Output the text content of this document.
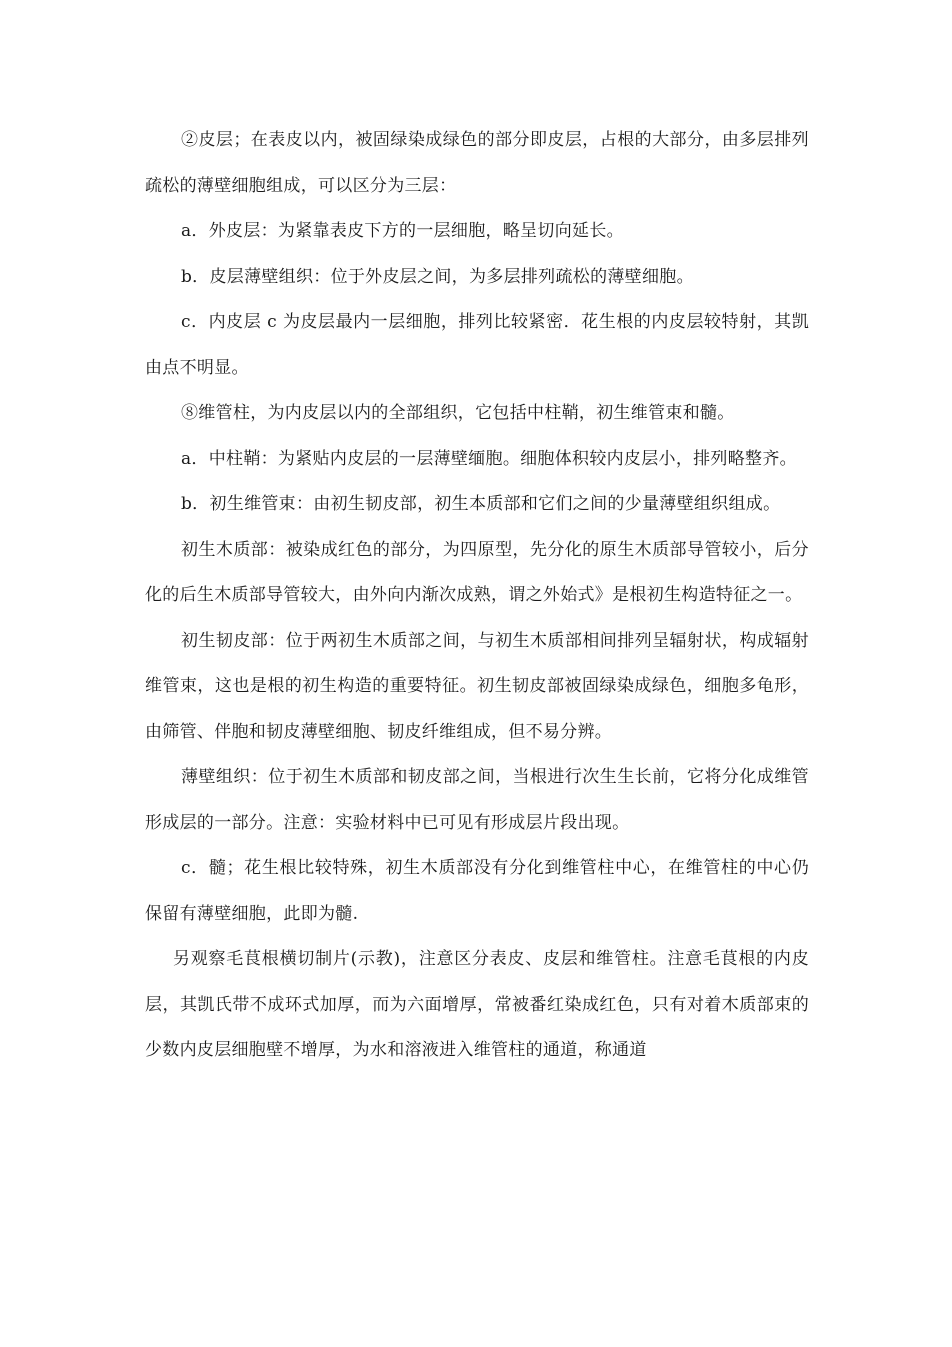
②皮层；在表皮以内，被固绿染成绿色的部分即皮层，占根的大部分，由多层排列疏松的薄壁细胞组成，可以区分为三层：

a．外皮层：为紧靠表皮下方的一层细胞，略呈切向延长。

b．皮层薄壁组织：位于外皮层之间，为多层排列疏松的薄壁细胞。

c．内皮层 c 为皮层最内一层细胞，排列比较紧密．花生根的内皮层较特射，其凯由点不明显。

⑧维管柱，为内皮层以内的全部组织，它包括中柱鞘，初生维管束和髓。

a．中柱鞘：为紧贴内皮层的一层薄壁缅胞。细胞体积较内皮层小，排列略整齐。

b．初生维管束：由初生韧皮部，初生本质部和它们之间的少量薄壁组织组成。

初生木质部：被染成红色的部分，为四原型，先分化的原生木质部导管较小，后分化的后生木质部导管较大，由外向内渐次成熟，谓之外始式》是根初生构造特征之一。

初生韧皮部：位于两初生木质部之间，与初生木质部相间排列呈辐射状，构成辐射维管束，这也是根的初生构造的重要特征。初生韧皮部被固绿染成绿色，细胞多龟形，由筛管、伴胞和韧皮薄壁细胞、韧皮纤维组成，但不易分辨。

薄壁组织：位于初生木质部和韧皮部之间，当根进行次生生长前，它将分化成维管形成层的一部分。注意：实验材料中已可见有形成层片段出现。

c．髓；花生根比较特殊，初生木质部没有分化到维管柱中心，在维管柱的中心仍保留有薄壁细胞，此即为髓.

另观察毛茛根横切制片(示教)，注意区分表皮、皮层和维管柱。注意毛茛根的内皮层，其凯氏带不成环式加厚，而为六面增厚，常被番红染成红色，只有对着木质部束的少数内皮层细胞壁不增厚，为水和溶液进入维管柱的通道，称通道
